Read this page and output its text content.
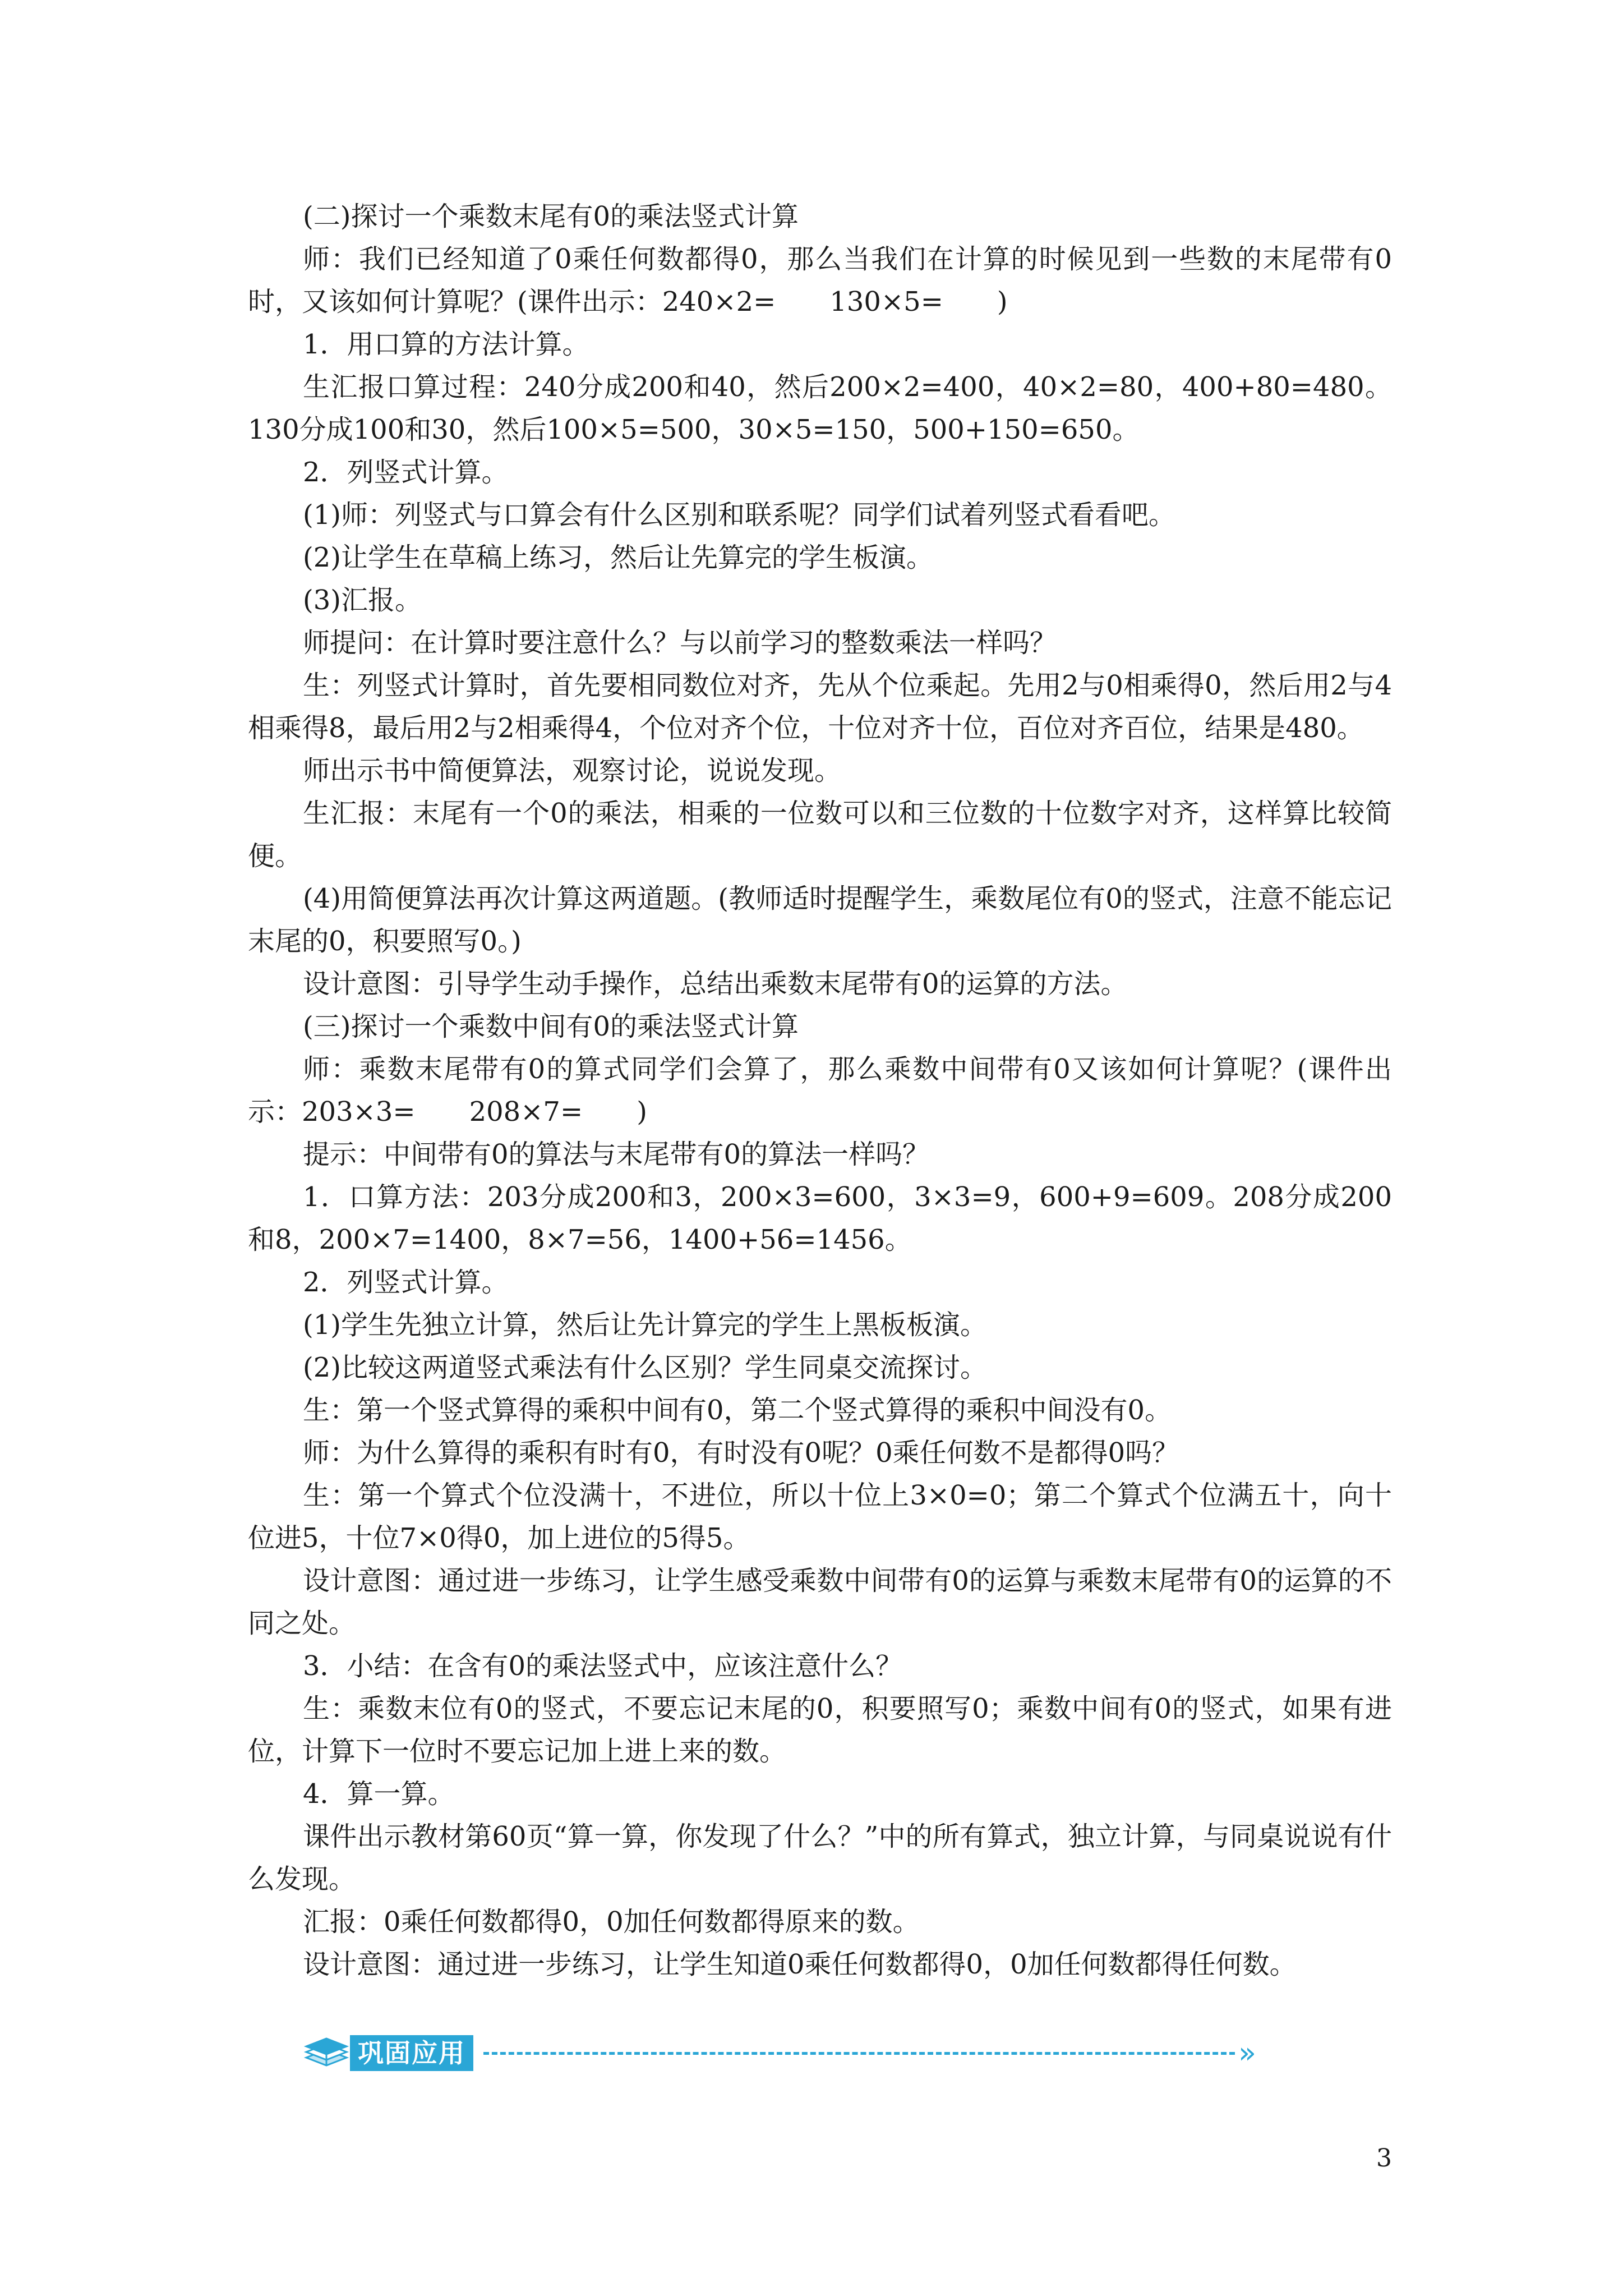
(二)探讨一个乘数末尾有0的乘法竖式计算

师：我们已经知道了0乘任何数都得0，那么当我们在计算的时候见到一些数的末尾带有0时，又该如何计算呢？(课件出示：240×2=　　130×5=　　)

1．用口算的方法计算。

生汇报口算过程：240分成200和40，然后200×2=400，40×2=80，400+80=480。130分成100和30，然后100×5=500，30×5=150，500+150=650。

2．列竖式计算。

(1)师：列竖式与口算会有什么区别和联系呢？同学们试着列竖式看看吧。

(2)让学生在草稿上练习，然后让先算完的学生板演。

(3)汇报。

师提问：在计算时要注意什么？与以前学习的整数乘法一样吗？

生：列竖式计算时，首先要相同数位对齐，先从个位乘起。先用2与0相乘得0，然后用2与4相乘得8，最后用2与2相乘得4，个位对齐个位，十位对齐十位，百位对齐百位，结果是480。

师出示书中简便算法，观察讨论，说说发现。

生汇报：末尾有一个0的乘法，相乘的一位数可以和三位数的十位数字对齐，这样算比较简便。

(4)用简便算法再次计算这两道题。(教师适时提醒学生，乘数尾位有0的竖式，注意不能忘记末尾的0，积要照写0。)

设计意图：引导学生动手操作，总结出乘数末尾带有0的运算的方法。

(三)探讨一个乘数中间有0的乘法竖式计算

师：乘数末尾带有0的算式同学们会算了，那么乘数中间带有0又该如何计算呢？(课件出示：203×3=　　208×7=　　)

提示：中间带有0的算法与末尾带有0的算法一样吗？

1．口算方法：203分成200和3，200×3=600，3×3=9，600+9=609。208分成200和8，200×7=1400，8×7=56，1400+56=1456。

2．列竖式计算。

(1)学生先独立计算，然后让先计算完的学生上黑板板演。

(2)比较这两道竖式乘法有什么区别？学生同桌交流探讨。

生：第一个竖式算得的乘积中间有0，第二个竖式算得的乘积中间没有0。

师：为什么算得的乘积有时有0，有时没有0呢？0乘任何数不是都得0吗？

生：第一个算式个位没满十，不进位，所以十位上3×0=0；第二个算式个位满五十，向十位进5，十位7×0得0，加上进位的5得5。

设计意图：通过进一步练习，让学生感受乘数中间带有0的运算与乘数末尾带有0的运算的不同之处。

3．小结：在含有0的乘法竖式中，应该注意什么？

生：乘数末位有0的竖式，不要忘记末尾的0，积要照写0；乘数中间有0的竖式，如果有进位，计算下一位时不要忘记加上进上来的数。

4．算一算。

课件出示教材第60页“算一算，你发现了什么？”中的所有算式，独立计算，与同桌说说有什么发现。

汇报：0乘任何数都得0，0加任何数都得原来的数。

设计意图：通过进一步练习，让学生知道0乘任何数都得0，0加任何数都得任何数。

巩固应用	»
3
